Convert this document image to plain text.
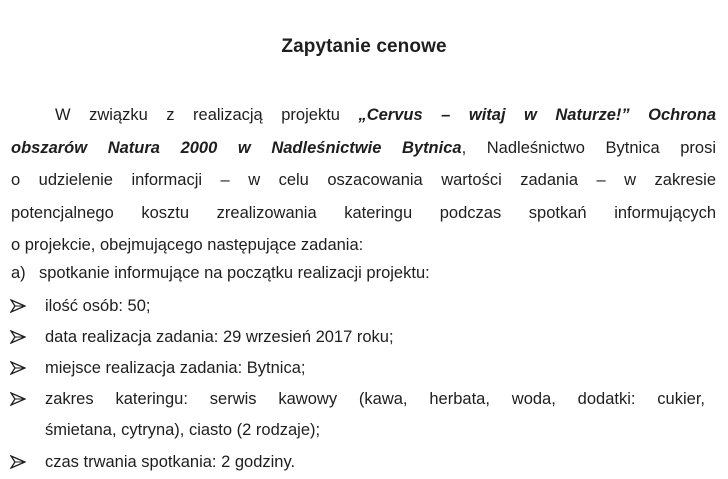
Zapytanie cenowe
W związku z realizacją projektu „Cervus – witaj w Naturze!” Ochrona
obszarów Natura 2000 w Nadleśnictwie Bytnica, Nadleśnictwo Bytnica prosi
o udzielenie informacji – w celu oszacowania wartości zadania – w zakresie
potencjalnego kosztu zrealizowania kateringu podczas spotkań informujących
o projekcie, obejmującego następujące zadania:
a) spotkanie informujące na początku realizacji projektu:
ilość osób: 50;
data realizacja zadania: 29 wrzesień 2017 roku;
miejsce realizacja zadania: Bytnica;
zakres kateringu: serwis kawowy (kawa, herbata, woda, dodatki: cukier,
śmietana, cytryna), ciasto (2 rodzaje);
czas trwania spotkania: 2 godziny.
